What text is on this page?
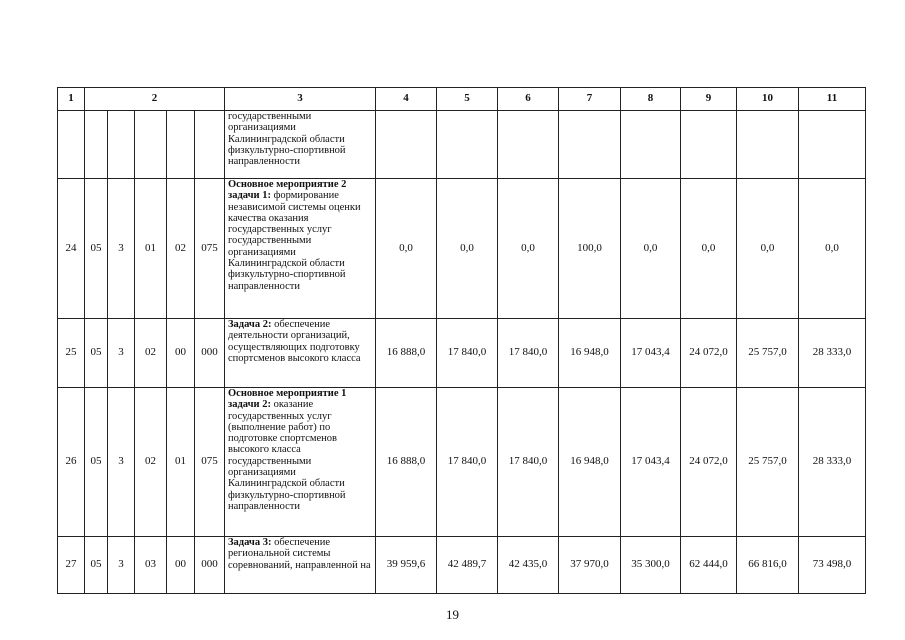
1	2					3	4	5	6	7	8	9	10	11
						государственными организациями Калининградской области физкультурно-спортивной направленности								
24	05	3	01	02	075	Основное мероприятие 2 задачи 1: формирование независимой системы оценки качества оказания государственных услуг государственными организациями Калининградской области физкультурно-спортивной направленности	0,0	0,0	0,0	100,0	0,0	0,0	0,0	0,0
25	05	3	02	00	000	Задача 2: обеспечение деятельности организаций, осуществляющих подготовку спортсменов высокого класса	16 888,0	17 840,0	17 840,0	16 948,0	17 043,4	24 072,0	25 757,0	28 333,0
26	05	3	02	01	075	Основное мероприятие 1 задачи 2: оказание государственных услуг (выполнение работ) по подготовке спортсменов высокого класса государственными организациями Калининградской области физкультурно-спортивной направленности	16 888,0	17 840,0	17 840,0	16 948,0	17 043,4	24 072,0	25 757,0	28 333,0
27	05	3	03	00	000	Задача 3: обеспечение региональной системы соревнований, направленной на	39 959,6	42 489,7	42 435,0	37 970,0	35 300,0	62 444,0	66 816,0	73 498,0
19
